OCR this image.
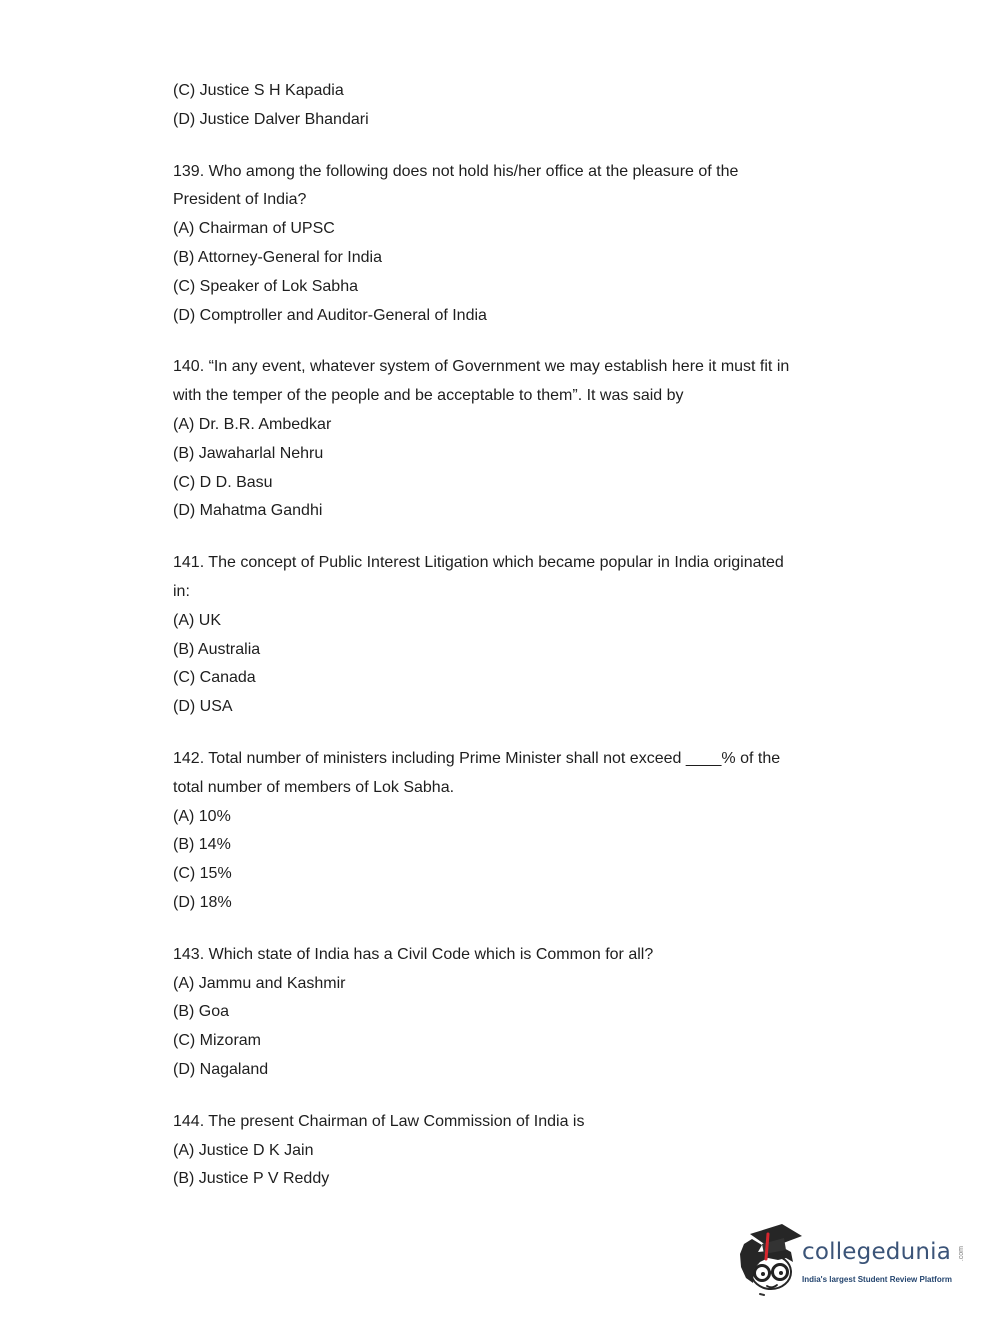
(C) Justice S H Kapadia
(D) Justice Dalver Bhandari
139. Who among the following does not hold his/her office at the pleasure of the
President of India?
(A) Chairman of UPSC
(B) Attorney-General for India
(C) Speaker of Lok Sabha
(D) Comptroller and Auditor-General of India
140. “In any event, whatever system of Government we may establish here it must fit in
with the temper of the people and be acceptable to them”. It was said by
(A) Dr. B.R. Ambedkar
(B) Jawaharlal Nehru
(C) D D. Basu
(D) Mahatma Gandhi
141. The concept of Public Interest Litigation which became popular in India originated
in:
(A) UK
(B) Australia
(C) Canada
(D) USA
142. Total number of ministers including Prime Minister shall not exceed ____% of the
total number of members of Lok Sabha.
(A) 10%
(B) 14%
(C) 15%
(D) 18%
143. Which state of India has a Civil Code which is Common for all?
(A) Jammu and Kashmir
(B) Goa
(C) Mizoram
(D) Nagaland
144. The present Chairman of Law Commission of India is
(A) Justice D K Jain
(B) Justice P V Reddy
collegedunia .com
India's largest Student Review Platform
